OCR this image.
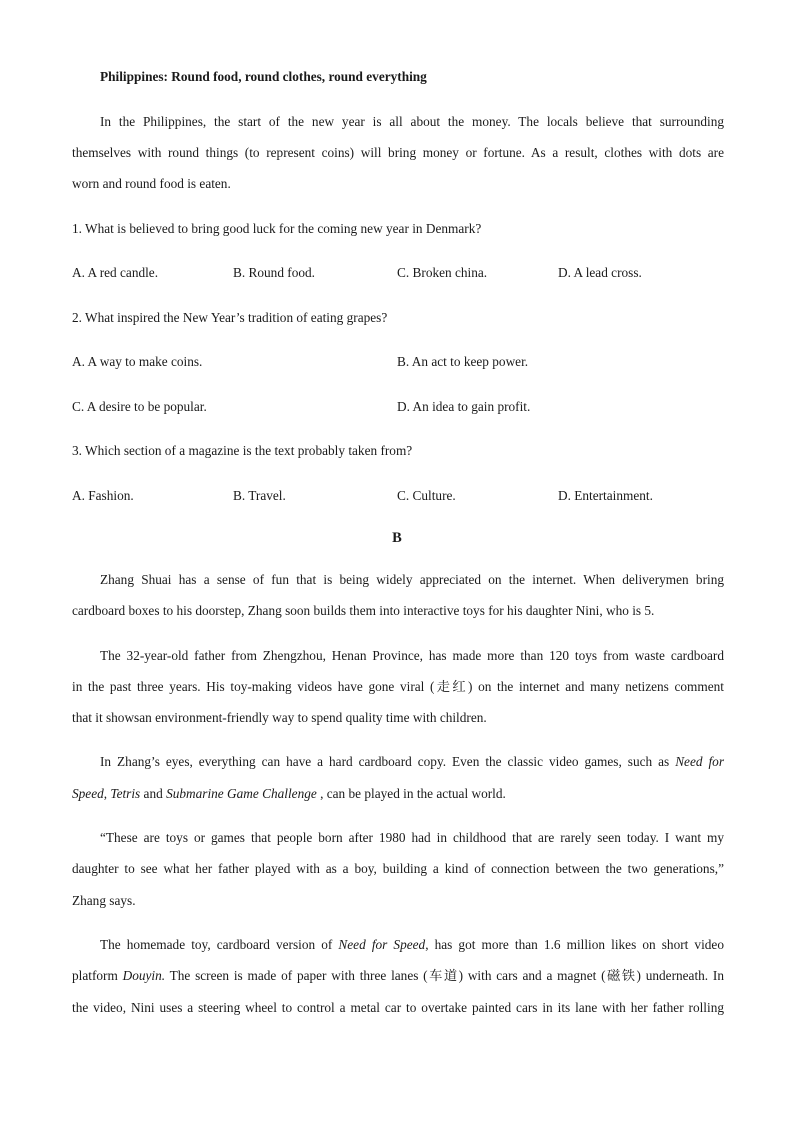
Philippines: Round food, round clothes, round everything
In the Philippines, the start of the new year is all about the money. The locals believe that surrounding
themselves with round things (to represent coins) will bring money or fortune. As a result, clothes with dots are
worn and round food is eaten.
1. What is believed to bring good luck for the coming new year in Denmark?
A. A red candle.	B. Round food.	C. Broken china.	D. A lead cross.
2. What inspired the New Year’s tradition of eating grapes?
A. A way to make coins.	B. An act to keep power.
C. A desire to be popular.	D. An idea to gain profit.
3. Which section of a magazine is the text probably taken from?
A. Fashion.	B. Travel.	C. Culture.	D. Entertainment.
B
Zhang Shuai has a sense of fun that is being widely appreciated on the internet. When deliverymen bring
cardboard boxes to his doorstep, Zhang soon builds them into interactive toys for his daughter Nini, who is 5.
The 32-year-old father from Zhengzhou, Henan Province, has made more than 120 toys from waste cardboard
in the past three years. His toy-making videos have gone viral (走红) on the internet and many netizens comment
that it showsan environment-friendly way to spend quality time with children.
In Zhang’s eyes, everything can have a hard cardboard copy. Even the classic video games, such as Need for
Speed, Tetris and Submarine Game Challenge , can be played in the actual world.
“These are toys or games that people born after 1980 had in childhood that are rarely seen today. I want my
daughter to see what her father played with as a boy, building a kind of connection between the two generations,”
Zhang says.
The homemade toy, cardboard version of Need for Speed, has got more than 1.6 million likes on short video
platform Douyin. The screen is made of paper with three lanes (车道) with cars and a magnet (磁铁) underneath. In
the video, Nini uses a steering wheel to control a metal car to overtake painted cars in its lane with her father rolling
